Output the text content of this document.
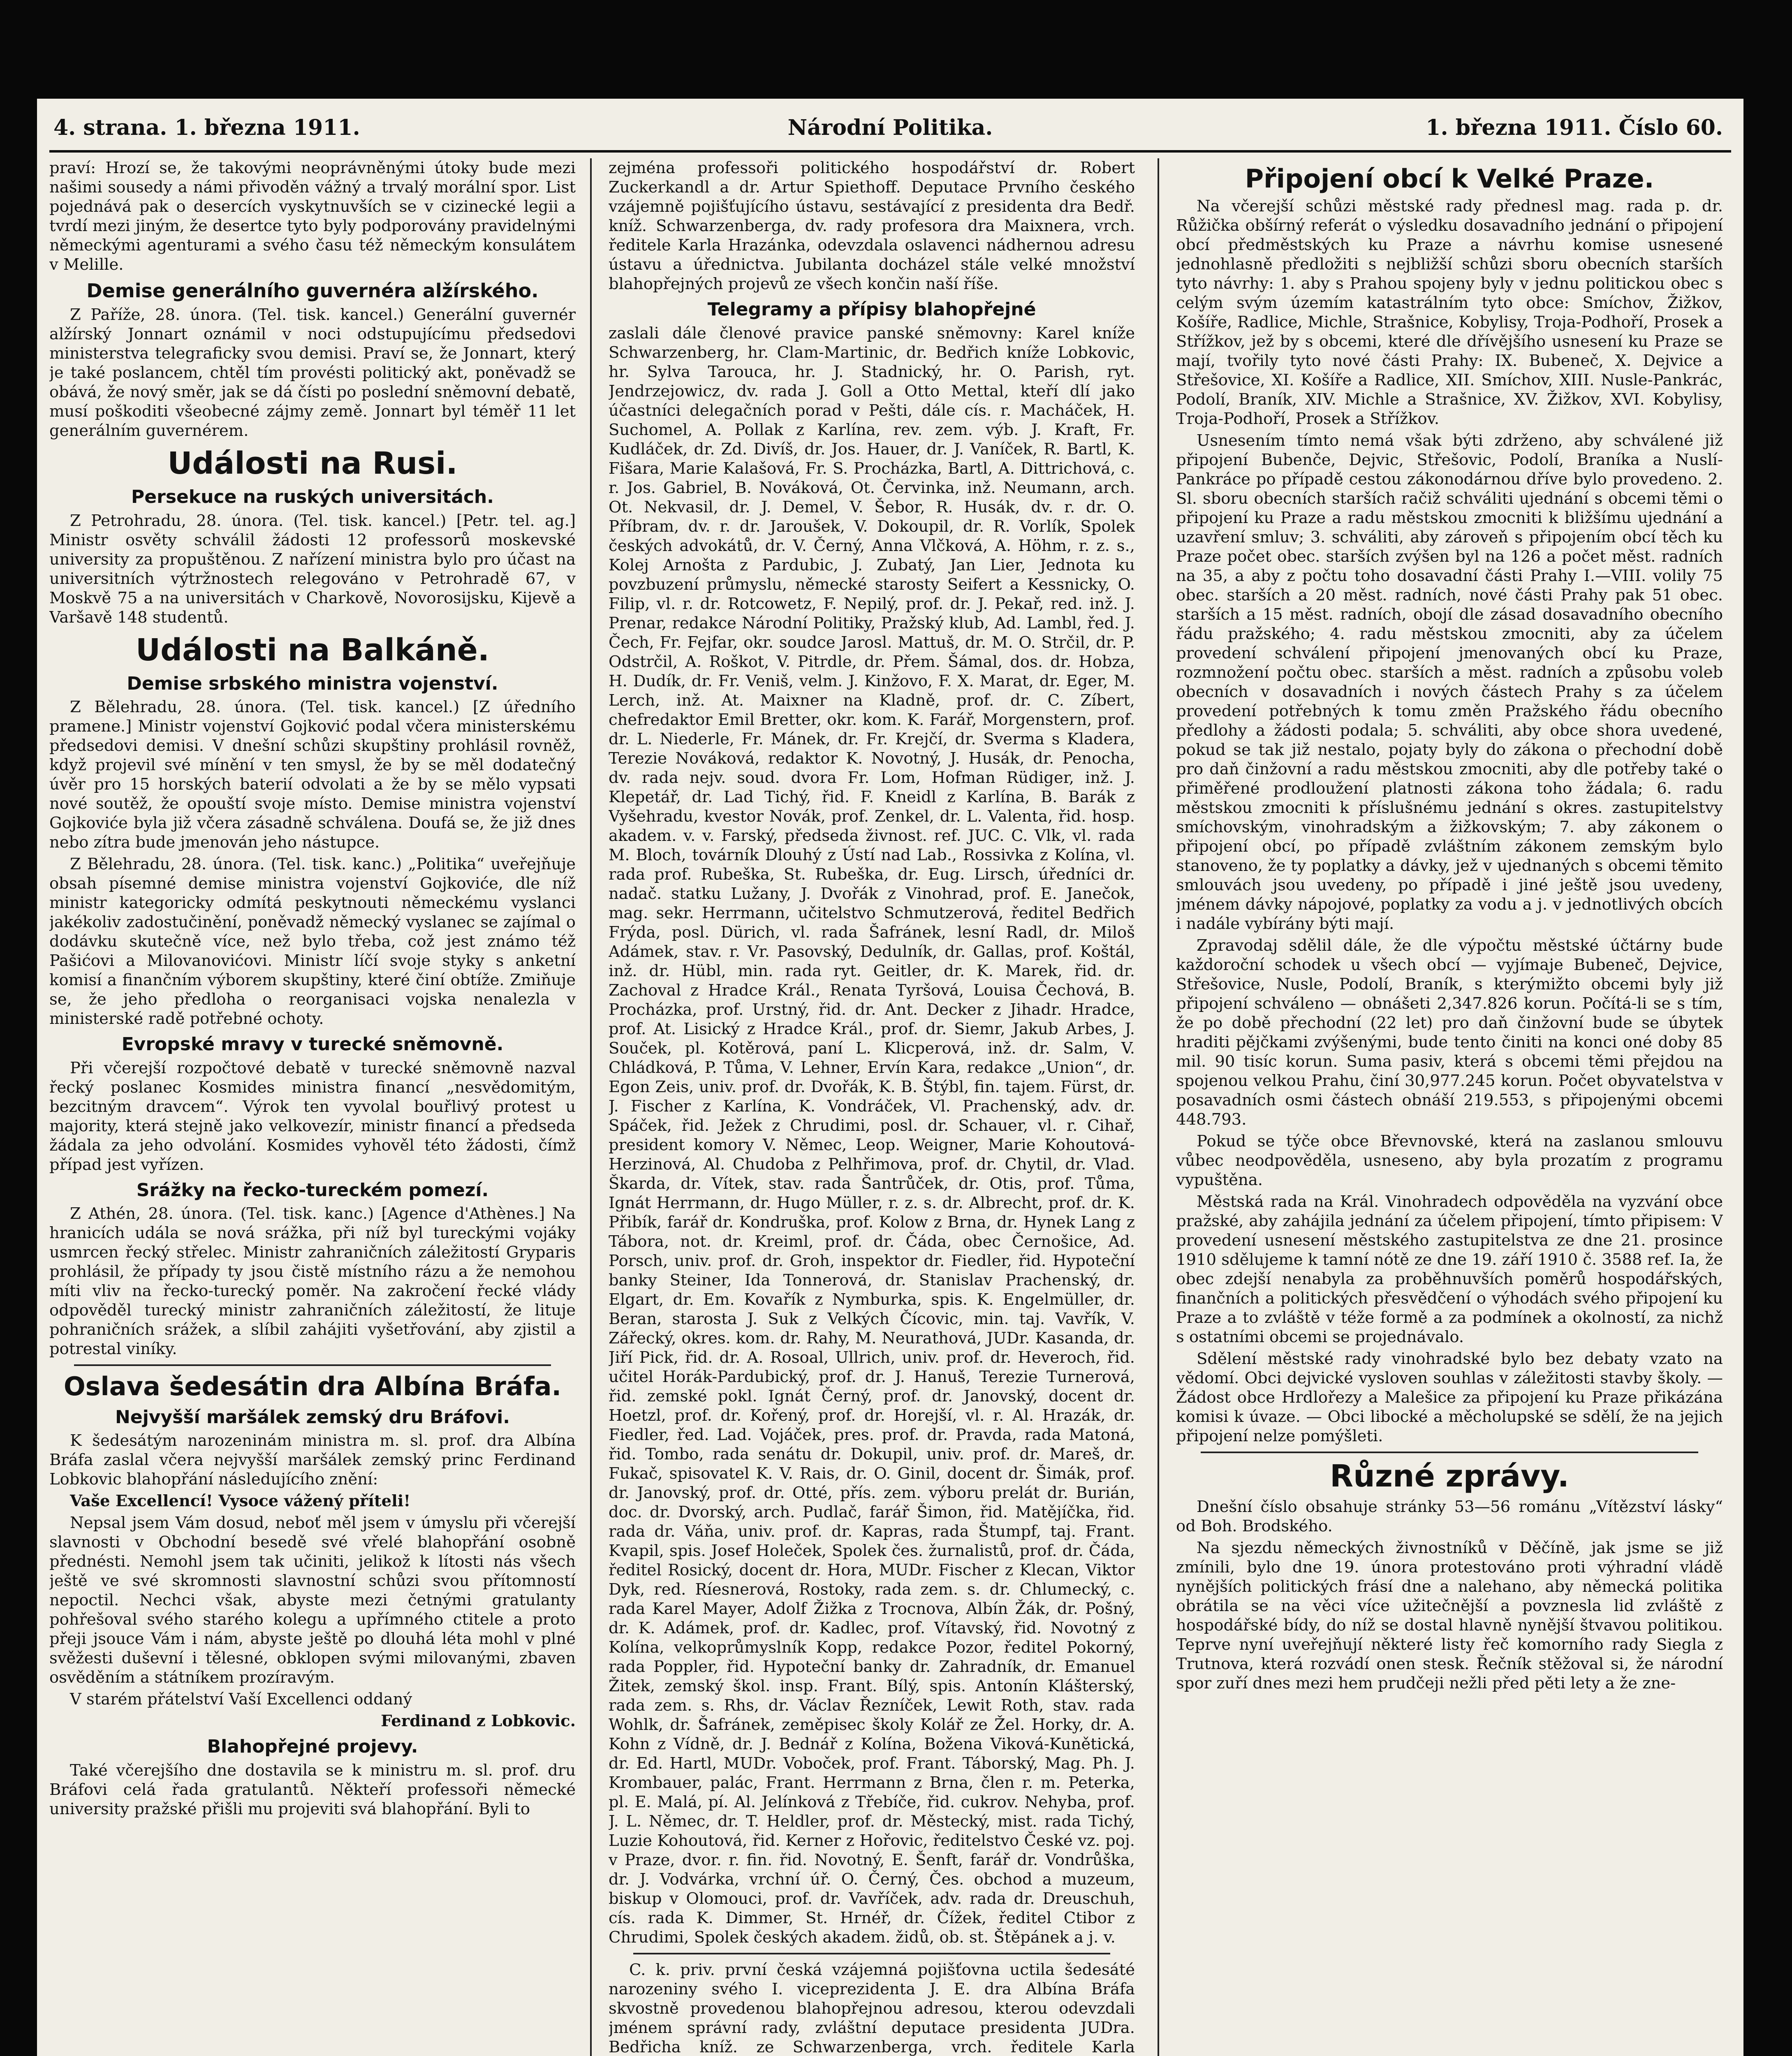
4. strana. 1. března 1911.	Národní Politika.	1. března 1911. Číslo 60.

praví: Hrozí se, že takovými neoprávněnými útoky bude mezi našimi sousedy a námi přivoděn vážný a trvalý morální spor. List pojednává pak o desercích vyskytnuvších se v cizinecké legii a tvrdí mezi jiným, že desertce tyto byly podporovány pravidelnými německými agenturami a svého času též německým konsulátem v Melille.

Demise generálního guvernéra alžírského.

Z Paříže, 28. února. (Tel. tisk. kancel.) Generální guvernér alžírský Jonnart oznámil v noci odstupujícímu předsedovi ministerstva telegraficky svou demisi. Praví se, že Jonnart, který je také poslancem, chtěl tím provésti politický akt, poněvadž se obává, že nový směr, jak se dá čísti po poslední sněmovní debatě, musí poškoditi všeobecné zájmy země. Jonnart byl téměř 11 let generálním guvernérem.

Události na Rusi.
Persekuce na ruských universitách.

Z Petrohradu, 28. února. (Tel. tisk. kancel.) [Petr. tel. ag.] Ministr osvěty schválil žádosti 12 professorů moskevské university za propuštěnou. Z nařízení ministra bylo pro účast na universitních výtržnostech relegováno v Petrohradě 67, v Moskvě 75 a na universitách v Charkově, Novorosijsku, Kijevě a Varšavě 148 studentů.

Události na Balkáně.
Demise srbského ministra vojenství.

Z Bělehradu, 28. února. (Tel. tisk. kancel.) [Z úředního pramene.] Ministr vojenství Gojković podal včera ministerskému předsedovi demisi. V dnešní schůzi skupštiny prohlásil rovněž, když projevil své mínění v ten smysl, že by se měl dodatečný úvěr pro 15 horských baterií odvolati a že by se mělo vypsati nové soutěž, že opouští svoje místo. Demise ministra vojenství Gojkoviće byla již včera zásadně schválena. Doufá se, že již dnes nebo zítra bude jmenován jeho nástupce.

Z Bělehradu, 28. února. (Tel. tisk. kanc.) „Politika“ uveřejňuje obsah písemné demise ministra vojenství Gojkoviće, dle níž ministr kategoricky odmítá peskytnouti německému vyslanci jakékoliv zadostučinění, poněvadž německý vyslanec se zajímal o dodávku skutečně více, než bylo třeba, což jest známo též Pašićovi a Milovanovićovi. Ministr líčí svoje styky s anketní komisí a finančním výborem skupštiny, které činí obtíže. Zmiňuje se, že jeho předloha o reorganisaci vojska nenalezla v ministerské radě potřebné ochoty.

Evropské mravy v turecké sněmovně.

Při včerejší rozpočtové debatě v turecké sněmovně nazval řecký poslanec Kosmides ministra financí „nesvědomitým, bezcitným dravcem“. Výrok ten vyvolal bouřlivý protest u majority, která stejně jako velkovezír, ministr financí a předseda žádala za jeho odvolání. Kosmides vyhověl této žádosti, čímž případ jest vyřízen.

Srážky na řecko-tureckém pomezí.

Z Athén, 28. února. (Tel. tisk. kanc.) [Agence d'Athènes.] Na hranicích udála se nová srážka, při níž byl tureckými vojáky usmrcen řecký střelec. Ministr zahraničních záležitostí Gryparis prohlásil, že případy ty jsou čistě místního rázu a že nemohou míti vliv na řecko-turecký poměr. Na zakročení řecké vlády odpověděl turecký ministr zahraničních záležitostí, že lituje pohraničních srážek, a slíbil zahájiti vyšetřování, aby zjistil a potrestal viníky.

Oslava šedesátin dra Albína Bráfa.
Nejvyšší maršálek zemský dru Bráfovi.

K šedesátým narozeninám ministra m. sl. prof. dra Albína Bráfa zaslal včera nejvyšší maršálek zemský princ Ferdinand Lobkovic blahopřání následujícího znění:

Vaše Excellencí! Vysoce vážený příteli!

Nepsal jsem Vám dosud, neboť měl jsem v úmyslu při včerejší slavnosti v Obchodní besedě své vřelé blahopřání osobně přednésti. Nemohl jsem tak učiniti, jelikož k lítosti nás všech ještě ve své skromnosti slavnostní schůzi svou přítomností nepoctil. Nechci však, abyste mezi četnými gratulanty pohřešoval svého starého kolegu a upřímného ctitele a proto přeji jsouce Vám i nám, abyste ještě po dlouhá léta mohl v plné svěžesti duševní i tělesné, obklopen svými milovanými, zbaven osvěděním a státníkem prozíravým.

V starém přátelství Vaší Excellenci oddaný

Ferdinand z Lobkovic.

Blahopřejné projevy.

Také včerejšího dne dostavila se k ministru m. sl. prof. dru Bráfovi celá řada gratulantů. Někteří professoři německé university pražské přišli mu projeviti svá blahopřání. Byli to

zejména professoři politického hospodářství dr. Robert Zuckerkandl a dr. Artur Spiethoff. Deputace Prvního českého vzájemně pojišťujícího ústavu, sestávající z presidenta dra Bedř. kníž. Schwarzenberga, dv. rady profesora dra Maixnera, vrch. ředitele Karla Hrazánka, odevzdala oslavenci nádhernou adresu ústavu a úřednictva. Jubilanta docházel stále velké množství blahopřejných projevů ze všech končin naší říše.

Telegramy a přípisy blahopřejné

zaslali dále členové pravice panské sněmovny: Karel kníže Schwarzenberg, hr. Clam-Martinic, dr. Bedřich kníže Lobkovic, hr. Sylva Tarouca, hr. J. Stadnický, hr. O. Parish, ryt. Jendrzejowicz, dv. rada J. Goll a Otto Mettal, kteří dlí jako účastníci delegačních porad v Pešti, dále cís. r. Macháček, H. Suchomel, A. Pollak z Karlína, rev. zem. výb. J. Kraft, Fr. Kudláček, dr. Zd. Divíš, dr. Jos. Hauer, dr. J. Vaníček, R. Bartl, K. Fišara, Marie Kalašová, Fr. S. Procházka, Bartl, A. Dittrichová, c. r. Jos. Gabriel, B. Nováková, Ot. Červinka, inž. Neumann, arch. Ot. Nekvasil, dr. J. Demel, V. Šebor, R. Husák, dv. r. dr. O. Příbram, dv. r. dr. Jaroušek, V. Dokoupil, dr. R. Vorlík, Spolek českých advokátů, dr. V. Černý, Anna Vlčková, A. Höhm, r. z. s., Kolej Arnošta z Pardubic, J. Zubatý, Jan Lier, Jednota ku povzbuzení průmyslu, německé starosty Seifert a Kessnicky, O. Filip, vl. r. dr. Rotcowetz, F. Nepilý, prof. dr. J. Pekař, red. inž. J. Prenar, redakce Národní Politiky, Pražský klub, Ad. Lambl, řed. J. Čech, Fr. Fejfar, okr. soudce Jarosl. Mattuš, dr. M. O. Strčil, dr. P. Odstrčil, A. Roškot, V. Pitrdle, dr. Přem. Šámal, dos. dr. Hobza, H. Dudík, dr. Fr. Veniš, velm. J. Kinžovo, F. X. Marat, dr. Eger, M. Lerch, inž. At. Maixner na Kladně, prof. dr. C. Zíbert, chefredaktor Emil Bretter, okr. kom. K. Farář, Morgenstern, prof. dr. L. Niederle, Fr. Mánek, dr. Fr. Krejčí, dr. Sverma s Kladera, Terezie Nováková, redaktor K. Novotný, J. Husák, dr. Penocha, dv. rada nejv. soud. dvora Fr. Lom, Hofman Rüdiger, inž. J. Klepetář, dr. Lad Tichý, řid. F. Kneidl z Karlína, B. Barák z Vyšehradu, kvestor Novák, prof. Zenkel, dr. L. Valenta, řid. hosp. akadem. v. v. Farský, předseda živnost. ref. JUC. C. Vlk, vl. rada M. Bloch, továrník Dlouhý z Ústí nad Lab., Rossivka z Kolína, vl. rada prof. Rubeška, St. Rubeška, dr. Eug. Lirsch, úředníci dr. nadač. statku Lužany, J. Dvořák z Vinohrad, prof. E. Janečok, mag. sekr. Herrmann, učitelstvo Schmutzerová, ředitel Bedřich Frýda, posl. Dürich, vl. rada Šafránek, lesní Radl, dr. Miloš Adámek, stav. r. Vr. Pasovský, Dedulník, dr. Gallas, prof. Koštál, inž. dr. Hübl, min. rada ryt. Geitler, dr. K. Marek, řid. dr. Zachoval z Hradce Král., Renata Tyršová, Louisa Čechová, B. Procházka, prof. Urstný, řid. dr. Ant. Decker z Jihadr. Hradce, prof. At. Lisický z Hradce Král., prof. dr. Siemr, Jakub Arbes, J. Souček, pl. Kotěrová, paní L. Klicperová, inž. dr. Salm, V. Chládková, P. Tůma, V. Lehner, Ervín Kara, redakce „Union“, dr. Egon Zeis, univ. prof. dr. Dvořák, K. B. Štýbl, fin. tajem. Fürst, dr. J. Fischer z Karlína, K. Vondráček, Vl. Prachenský, adv. dr. Spáček, řid. Ježek z Chrudimi, posl. dr. Schauer, vl. r. Cihař, president komory V. Němec, Leop. Weigner, Marie Kohoutová-Herzinová, Al. Chudoba z Pelhřimova, prof. dr. Chytil, dr. Vlad. Škarda, dr. Vítek, stav. rada Šantrůček, dr. Otis, prof. Tůma, Ignát Herrmann, dr. Hugo Müller, r. z. s. dr. Albrecht, prof. dr. K. Přibík, farář dr. Kondruška, prof. Kolow z Brna, dr. Hynek Lang z Tábora, not. dr. Kreiml, prof. dr. Čáda, obec Černošice, Ad. Porsch, univ. prof. dr. Groh, inspektor dr. Fiedler, řid. Hypoteční banky Steiner, Ida Tonnerová, dr. Stanislav Prachenský, dr. Elgart, dr. Em. Kovařík z Nymburka, spis. K. Engelmüller, dr. Beran, starosta J. Suk z Velkých Čícovic, min. taj. Vavřík, V. Zářecký, okres. kom. dr. Rahy, M. Neurathová, JUDr. Kasanda, dr. Jiří Pick, řid. dr. A. Rosoal, Ullrich, univ. prof. dr. Heveroch, řid. učitel Horák-Pardubický, prof. dr. J. Hanuš, Terezie Turnerová, řid. zemské pokl. Ignát Černý, prof. dr. Janovský, docent dr. Hoetzl, prof. dr. Kořený, prof. dr. Horejší, vl. r. Al. Hrazák, dr. Fiedler, řed. Lad. Vojáček, pres. prof. dr. Pravda, rada Matoná, řid. Tombo, rada senátu dr. Dokupil, univ. prof. dr. Mareš, dr. Fukač, spisovatel K. V. Rais, dr. O. Ginil, docent dr. Šimák, prof. dr. Janovský, prof. dr. Otté, přís. zem. výboru prelát dr. Burián, doc. dr. Dvorský, arch. Pudlač, farář Šimon, řid. Matějíčka, řid. rada dr. Váňa, univ. prof. dr. Kapras, rada Štumpf, taj. Frant. Kvapil, spis. Josef Holeček, Spolek čes. žurnalistů, prof. dr. Čáda, ředitel Rosický, docent dr. Hora, MUDr. Fischer z Klecan, Viktor Dyk, red. Ríesnerová, Rostoky, rada zem. s. dr. Chlumecký, c. rada Karel Mayer, Adolf Žižka z Trocnova, Albín Žák, dr. Pošný, dr. K. Adámek, prof. dr. Kadlec, prof. Vítavský, řid. Novotný z Kolína, velkoprůmyslník Kopp, redakce Pozor, ředitel Pokorný, rada Poppler, řid. Hypoteční banky dr. Zahradník, dr. Emanuel Žitek, zemský škol. insp. Frant. Bílý, spis. Antonín Klášterský, rada zem. s. Rhs, dr. Václav Řezníček, Lewit Roth, stav. rada Wohlk, dr. Šafránek, zeměpisec školy Kolář ze Žel. Horky, dr. A. Kohn z Vídně, dr. J. Bednář z Kolína, Božena Viková-Kunětická, dr. Ed. Hartl, MUDr. Voboček, prof. Frant. Táborský, Mag. Ph. J. Krombauer, palác, Frant. Herrmann z Brna, člen r. m. Peterka, pl. E. Malá, pí. Al. Jelínková z Třebíče, řid. cukrov. Nehyba, prof. J. L. Němec, dr. T. Heldler, prof. dr. Městecký, mist. rada Tichý, Luzie Kohoutová, řid. Kerner z Hořovic, ředitelstvo České vz. poj. v Praze, dvor. r. fin. řid. Novotný, E. Šenft, farář dr. Vondrůška, dr. J. Vodvárka, vrchní úř. O. Černý, Čes. obchod a muzeum, biskup v Olomouci, prof. dr. Vavříček, adv. rada dr. Dreuschuh, cís. rada K. Dimmer, St. Hrnéř, dr. Čížek, ředitel Ctibor z Chrudimi, Spolek českých akadem. židů, ob. st. Štěpánek a j. v.

C. k. priv. první česká vzájemná pojišťovna uctila šedesáté narozeniny svého I. viceprezidenta J. E. dra Albína Bráfa skvostně provedenou blahopřejnou adresou, kterou odevzdali jménem správní rady, zvláštní deputace presidenta JUDra. Bedřicha kníž. ze Schwarzenberga, vrch. ředitele Karla

Připojení obcí k Velké Praze.

Na včerejší schůzi městské rady přednesl mag. rada p. dr. Růžička obšírný referát o výsledku dosavadního jednání o připojení obcí předměstských ku Praze a návrhu komise usnesené jednohlasně předložiti s nejbližší schůzi sboru obecních starších tyto návrhy: 1. aby s Prahou spojeny byly v jednu politickou obec s celým svým územím katastrálním tyto obce: Smíchov, Žižkov, Košíře, Radlice, Michle, Strašnice, Kobylisy, Troja-Podhoří, Prosek a Střížkov, jež by s obcemi, které dle dřívějšího usnesení ku Praze se mají, tvořily tyto nové části Prahy: IX. Bubeneč, X. Dejvice a Střešovice, XI. Košíře a Radlice, XII. Smíchov, XIII. Nusle-Pankrác, Podolí, Braník, XIV. Michle a Strašnice, XV. Žižkov, XVI. Kobylisy, Troja-Podhoří, Prosek a Střížkov.

Usnesením tímto nemá však býti zdrženo, aby schválené již připojení Bubenče, Dejvic, Střešovic, Podolí, Braníka a Nuslí-Pankráce po případě cestou zákonodárnou dříve bylo provedeno. 2. Sl. sboru obecních starších račiž schváliti ujednání s obcemi těmi o připojení ku Praze a radu městskou zmocniti k bližšímu ujednání a uzavření smluv; 3. schváliti, aby zároveň s připojením obcí těch ku Praze počet obec. starších zvýšen byl na 126 a počet měst. radních na 35, a aby z počtu toho dosavadní části Prahy I.—VIII. volily 75 obec. starších a 20 měst. radních, nové části Prahy pak 51 obec. starších a 15 měst. radních, obojí dle zásad dosavadního obecního řádu pražského; 4. radu městskou zmocniti, aby za účelem provedení schválení připojení jmenovaných obcí ku Praze, rozmnožení počtu obec. starších a měst. radních a způsobu voleb obecních v dosavadních i nových částech Prahy s za účelem provedení potřebných k tomu změn Pražského řádu obecního předlohy a žádosti podala; 5. schváliti, aby obce shora uvedené, pokud se tak již nestalo, pojaty byly do zákona o přechodní době pro daň činžovní a radu městskou zmocniti, aby dle potřeby také o přiměřené prodloužení platnosti zákona toho žádala; 6. radu městskou zmocniti k příslušnému jednání s okres. zastupitelstvy smíchovským, vinohradským a žižkovským; 7. aby zákonem o připojení obcí, po případě zvláštním zákonem zemským bylo stanoveno, že ty poplatky a dávky, jež v ujednaných s obcemi těmito smlouvách jsou uvedeny, po případě i jiné ještě jsou uvedeny, jménem dávky nápojové, poplatky za vodu a j. v jednotlivých obcích i nadále vybírány býti mají.

Zpravodaj sdělil dále, že dle výpočtu městské účtárny bude každoroční schodek u všech obcí — vyjímaje Bubeneč, Dejvice, Střešovice, Nusle, Podolí, Braník, s kterýmižto obcemi byly již připojení schváleno — obnášeti 2,347.826 korun. Počítá-li se s tím, že po době přechodní (22 let) pro daň činžovní bude se úbytek hraditi pějčkami zvýšenými, bude tento činiti na konci oné doby 85 mil. 90 tisíc korun. Suma pasiv, která s obcemi těmi přejdou na spojenou velkou Prahu, činí 30,977.245 korun. Počet obyvatelstva v posavadních osmi částech obnáší 219.553, s připojenými obcemi 448.793.

Pokud se týče obce Břevnovské, která na zaslanou smlouvu vůbec neodpověděla, usneseno, aby byla prozatím z programu vypuštěna.

Městská rada na Král. Vinohradech odpověděla na vyzvání obce pražské, aby zahájila jednání za účelem připojení, tímto připisem: V provedení usnesení městského zastupitelstva ze dne 21. prosince 1910 sdělujeme k tamní nótě ze dne 19. září 1910 č. 3588 ref. Ia, že obec zdejší nenabyla za proběhnuvších poměrů hospodářských, finančních a politických přesvědčení o výhodách svého připojení ku Praze a to zvláště v téže formě a za podmínek a okolností, za nichž s ostatními obcemi se projednávalo.

Sdělení městské rady vinohradské bylo bez debaty vzato na vědomí. Obci dejvické vysloven souhlas v záležitosti stavby školy. — Žádost obce Hrdlořezy a Malešice za připojení ku Praze přikázána komisi k úvaze. — Obci libocké a měcholupské se sdělí, že na jejich připojení nelze pomýšleti.

Různé zprávy.

Dnešní číslo obsahuje stránky 53—56 románu „Vítězství lásky“ od Boh. Brodského.

Na sjezdu německých živnostníků v Děčíně, jak jsme se již zmínili, bylo dne 19. února protestováno proti výhradní vládě nynějších politických frásí dne a nalehano, aby německá politika obrátila se na věci více užitečnější a povznesla lid zvláště z hospodářské bídy, do níž se dostal hlavně nynější štvavou politikou. Teprve nyní uveřejňují některé listy řeč komorního rady Siegla z Trutnova, která rozvádí onen stesk. Řečník stěžoval si, že národní spor zuří dnes mezi hem prudčeji nežli před pěti lety a že zne-
